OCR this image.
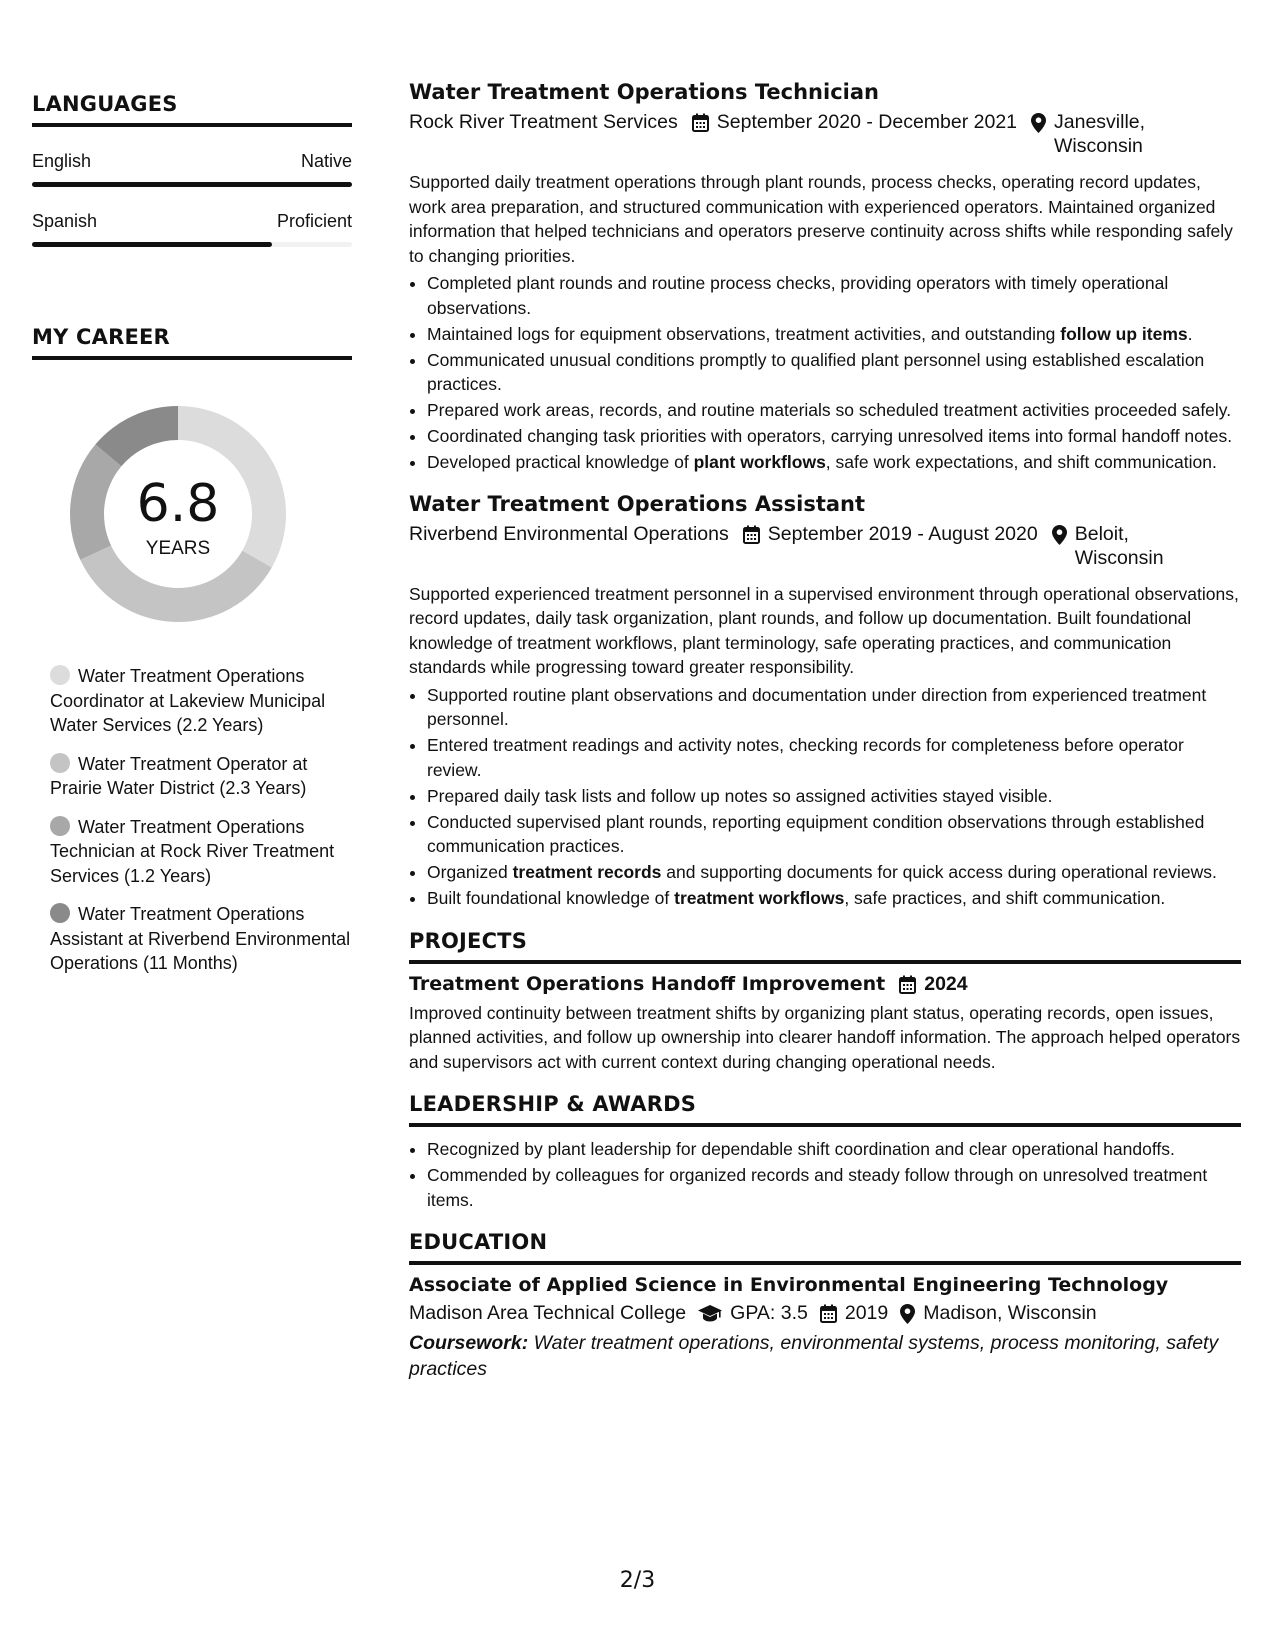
LANGUAGES
English	Native
Spanish	Proficient
MY CAREER
6.8
YEARS
Water Treatment Operations Coordinator at Lakeview Municipal Water Services (2.2 Years)
Water Treatment Operator at Prairie Water District (2.3 Years)
Water Treatment Operations Technician at Rock River Treatment Services (1.2 Years)
Water Treatment Operations Assistant at Riverbend Environmental Operations (11 Months)
Water Treatment Operations Technician
Rock River Treatment Services September 2020 - December 2021 Janesville, Wisconsin
Supported daily treatment operations through plant rounds, process checks, operating record updates, work area preparation, and structured communication with experienced operators. Maintained organized information that helped technicians and operators preserve continuity across shifts while responding safely to changing priorities.
• Completed plant rounds and routine process checks, providing operators with timely operational observations.
• Maintained logs for equipment observations, treatment activities, and outstanding follow up items.
• Communicated unusual conditions promptly to qualified plant personnel using established escalation practices.
• Prepared work areas, records, and routine materials so scheduled treatment activities proceeded safely.
• Coordinated changing task priorities with operators, carrying unresolved items into formal handoff notes.
• Developed practical knowledge of plant workflows, safe work expectations, and shift communication.
Water Treatment Operations Assistant
Riverbend Environmental Operations September 2019 - August 2020 Beloit, Wisconsin
Supported experienced treatment personnel in a supervised environment through operational observations, record updates, daily task organization, plant rounds, and follow up documentation. Built foundational knowledge of treatment workflows, plant terminology, safe operating practices, and communication standards while progressing toward greater responsibility.
• Supported routine plant observations and documentation under direction from experienced treatment personnel.
• Entered treatment readings and activity notes, checking records for completeness before operator review.
• Prepared daily task lists and follow up notes so assigned activities stayed visible.
• Conducted supervised plant rounds, reporting equipment condition observations through established communication practices.
• Organized treatment records and supporting documents for quick access during operational reviews.
• Built foundational knowledge of treatment workflows, safe practices, and shift communication.
PROJECTS
Treatment Operations Handoff Improvement 2024
Improved continuity between treatment shifts by organizing plant status, operating records, open issues, planned activities, and follow up ownership into clearer handoff information. The approach helped operators and supervisors act with current context during changing operational needs.
LEADERSHIP & AWARDS
• Recognized by plant leadership for dependable shift coordination and clear operational handoffs.
• Commended by colleagues for organized records and steady follow through on unresolved treatment items.
EDUCATION
Associate of Applied Science in Environmental Engineering Technology
Madison Area Technical College GPA: 3.5 2019 Madison, Wisconsin
Coursework: Water treatment operations, environmental systems, process monitoring, safety practices
2/3
